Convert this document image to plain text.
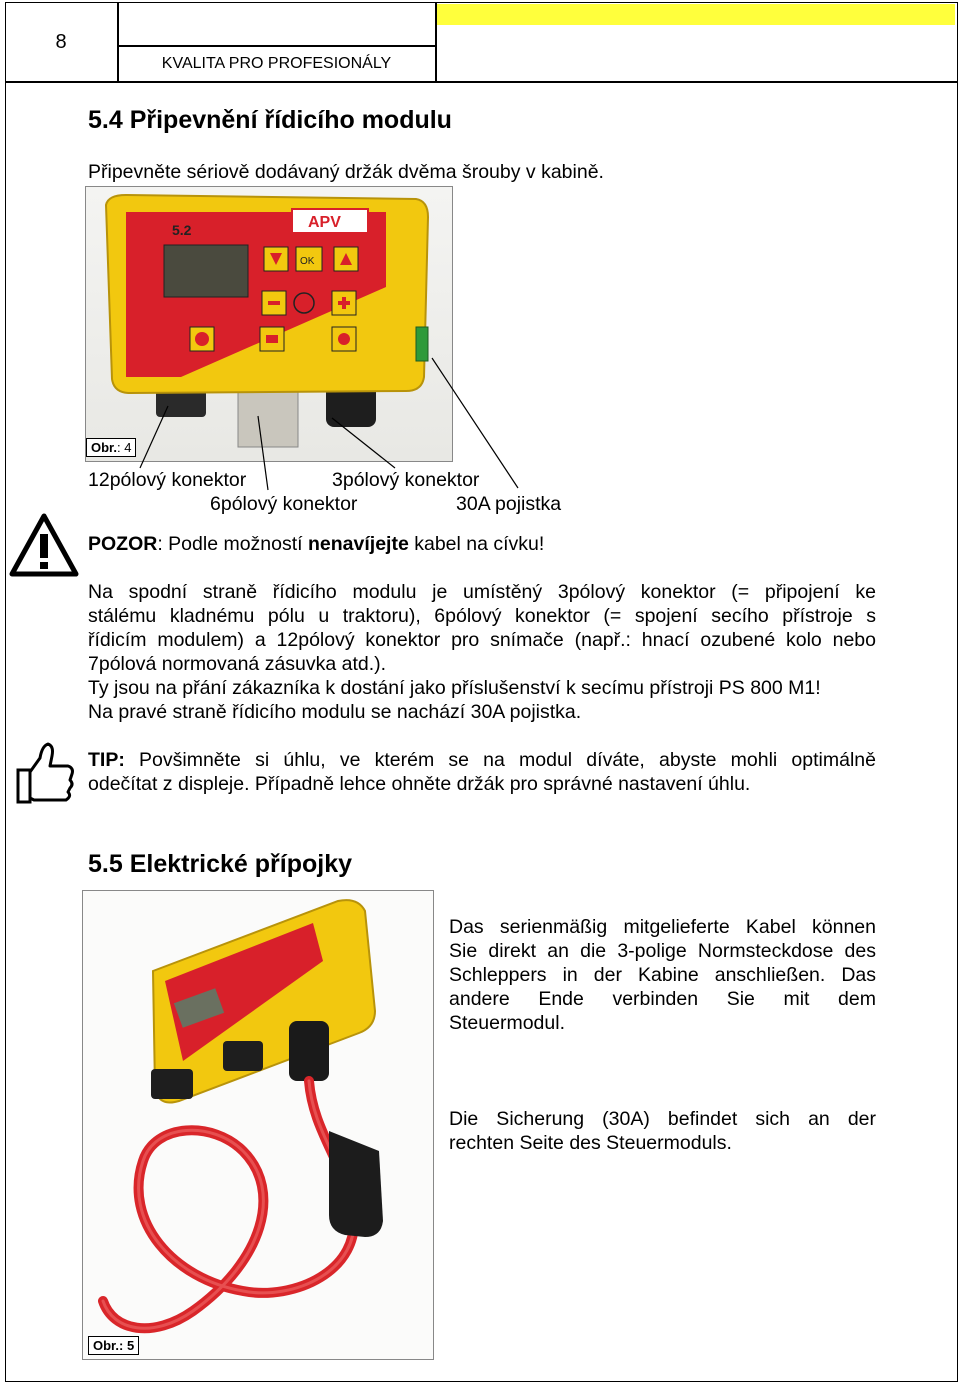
8
KVALITA PRO PROFESIONÁLY
5.4 Připevnění řídicího modulu

Připevněte sériově dodávaný držák dvěma šrouby v kabině.

5.2	APV
OK
Obr.: 4

12pólový konektor	3pólový konektor

6pólový konektor	30A pojistka

POZOR: Podle možností nenavíjejte kabel na cívku!

Na spodní straně řídicího modulu je umístěný 3pólový konektor (= připojení ke
stálému kladnému pólu u traktoru), 6pólový konektor (= spojení secího přístroje s
řídicím modulem) a 12pólový konektor pro snímače (např.: hnací ozubené kolo nebo
7pólová normovaná zásuvka atd.).
Ty jsou na přání zákazníka k dostání jako příslušenství k secímu přístroji PS 800 M1!
Na pravé straně řídicího modulu se nachází 30A pojistka.
TIP: Povšimněte si úhlu, ve kterém se na modul díváte, abyste mohli optimálně
odečítat z displeje. Případně lehce ohněte držák pro správné nastavení úhlu.
5.5 Elektrické přípojky
Obr.: 5
Das serienmäßig mitgelieferte Kabel können
Sie direkt an die 3-polige Normsteckdose des
Schleppers in der Kabine anschließen. Das
andere Ende verbinden Sie mit dem
Steuermodul.
Die Sicherung (30A) befindet sich an der
rechten Seite des Steuermoduls.
